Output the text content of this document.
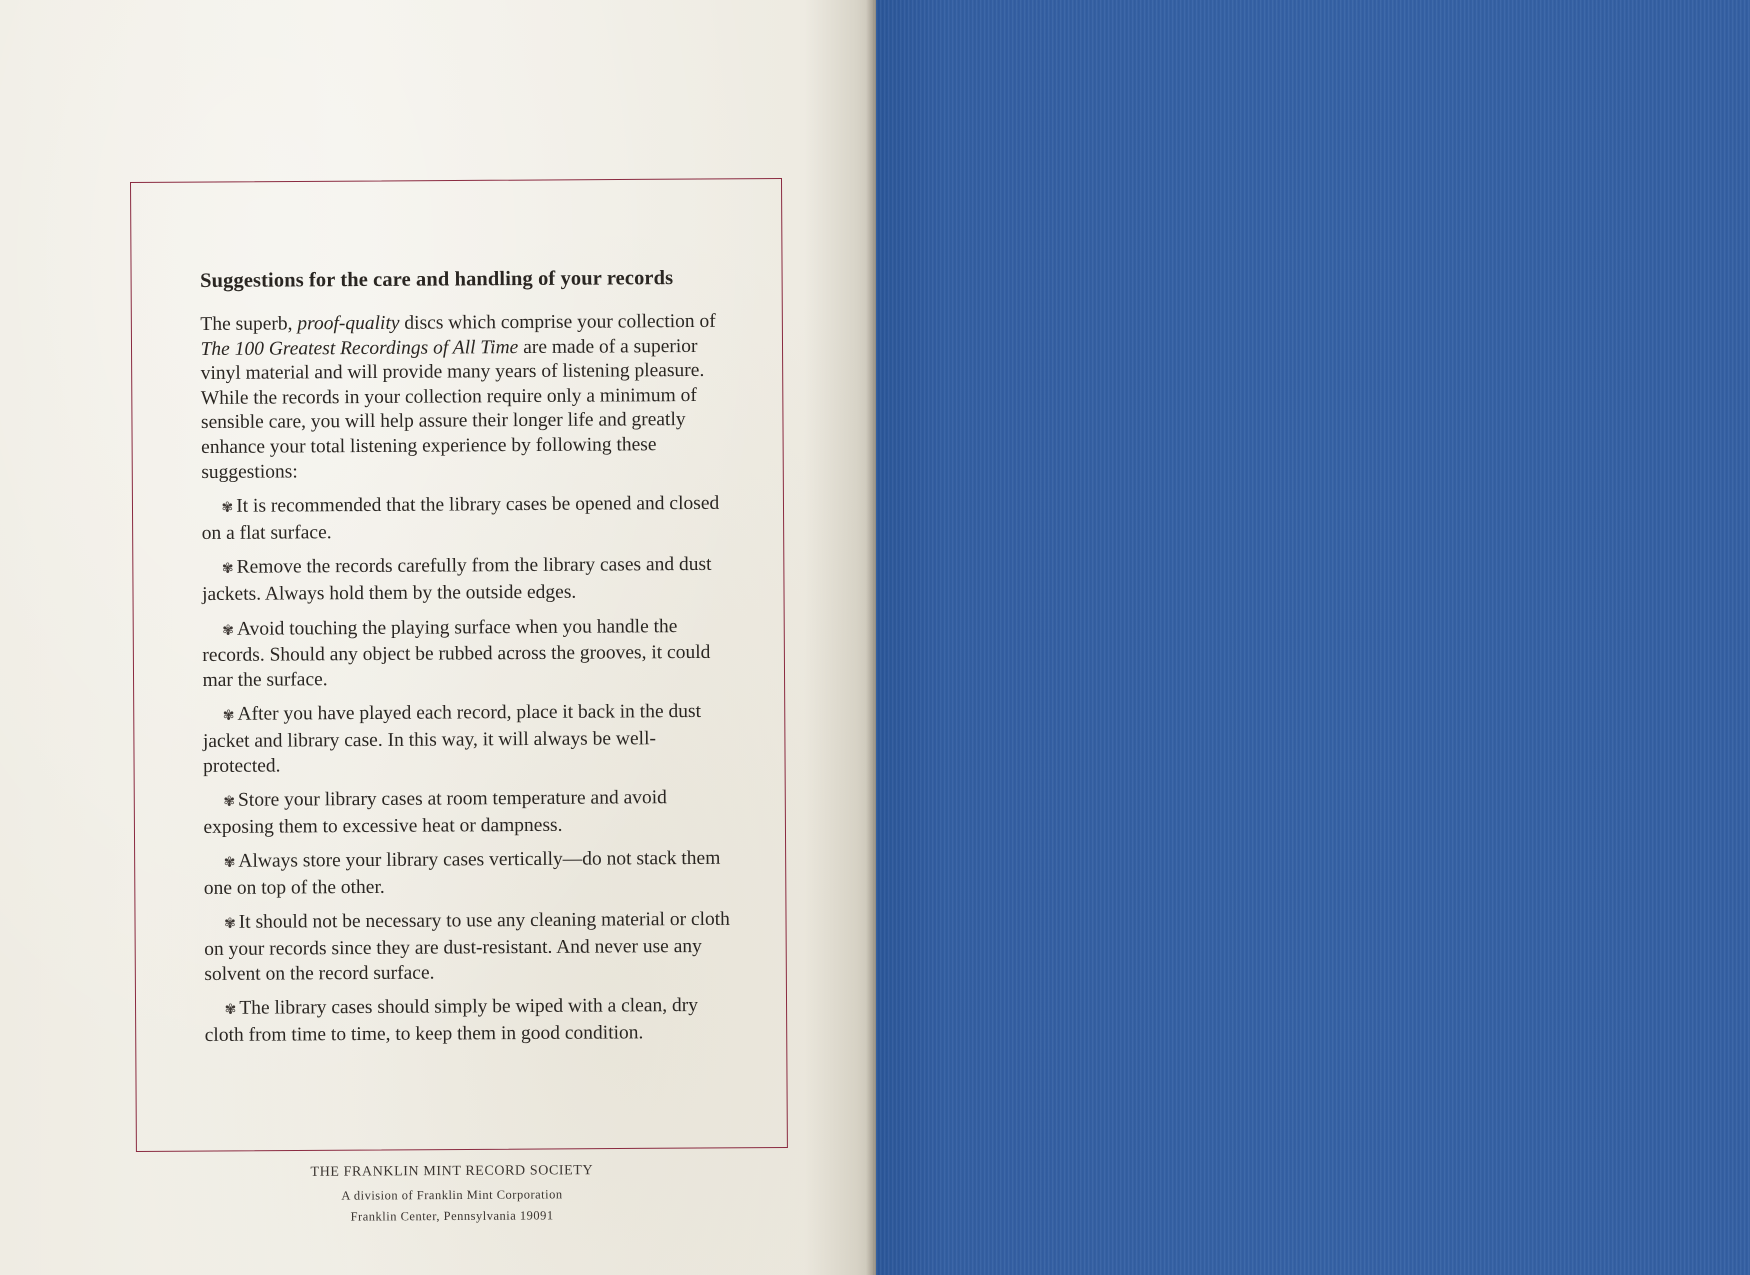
Suggestions for the care and handling of your records

The superb, proof-quality discs which comprise your collection of The 100 Greatest Recordings of All Time are made of a superior vinyl material and will provide many years of listening pleasure. While the records in your collection require only a minimum of sensible care, you will help assure their longer life and greatly enhance your total listening experience by following these suggestions:

✾ It is recommended that the library cases be opened and closed on a flat surface.

✾ Remove the records carefully from the library cases and dust jackets. Always hold them by the outside edges.

✾ Avoid touching the playing surface when you handle the records. Should any object be rubbed across the grooves, it could mar the surface.

✾ After you have played each record, place it back in the dust jacket and library case. In this way, it will always be well-protected.

✾ Store your library cases at room temperature and avoid exposing them to excessive heat or dampness.

✾ Always store your library cases vertically—do not stack them one on top of the other.

✾ It should not be necessary to use any cleaning material or cloth on your records since they are dust-resistant. And never use any solvent on the record surface.

✾ The library cases should simply be wiped with a clean, dry cloth from time to time, to keep them in good condition.

THE FRANKLIN MINT RECORD SOCIETY
A division of Franklin Mint Corporation
Franklin Center, Pennsylvania 19091
